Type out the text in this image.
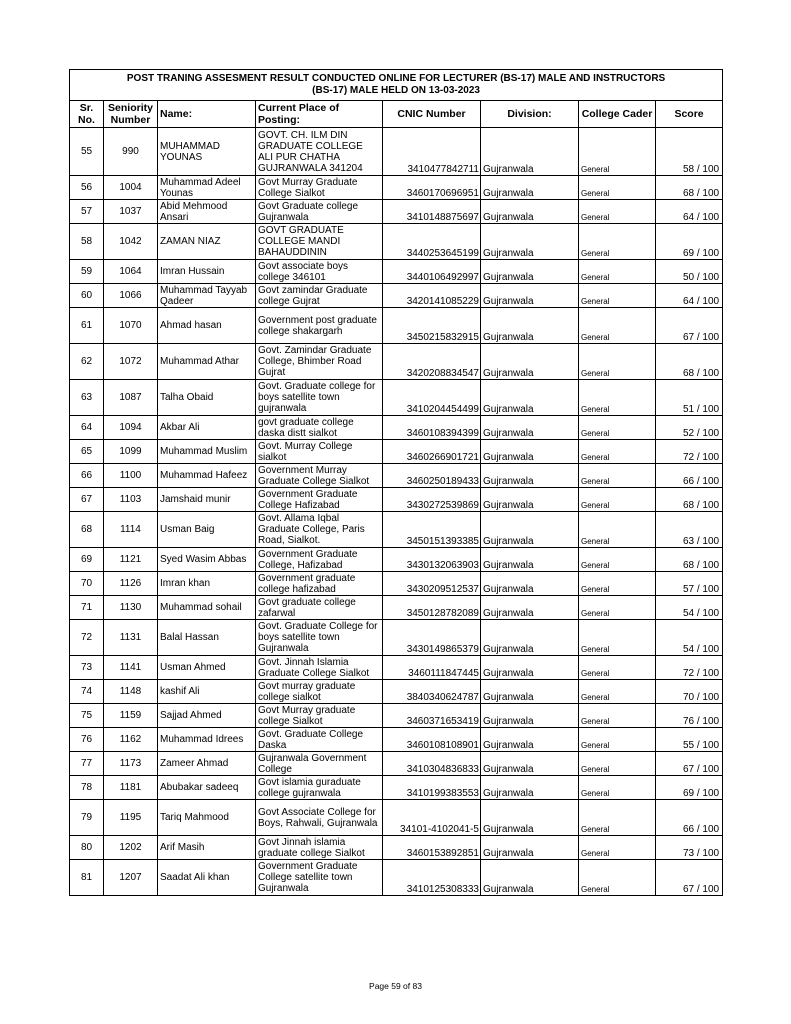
POST TRANING ASSESMENT RESULT CONDUCTED ONLINE FOR LECTURER (BS-17) MALE AND INSTRUCTORS
(BS-17) MALE HELD ON 13-03-2023							

Sr. No.	Seniority Number	Name:	Current Place of Posting:	CNIC Number	Division:	College Cader	Score
55	990	MUHAMMAD YOUNAS	GOVT. CH. ILM DIN GRADUATE COLLEGE ALI PUR CHATHA GUJRANWALA 341204	3410477842711	Gujranwala	General	58 / 100
56	1004	Muhammad Adeel Younas	Govt Murray Graduate College Sialkot	3460170696951	Gujranwala	General	68 / 100
57	1037	Abid Mehmood Ansari	Govt Graduate college Gujranwala	3410148875697	Gujranwala	General	64 / 100
58	1042	ZAMAN NIAZ	GOVT GRADUATE COLLEGE MANDI BAHAUDDININ	3440253645199	Gujranwala	General	69 / 100
59	1064	Imran Hussain	Govt associate boys college 346101	3440106492997	Gujranwala	General	50 / 100
60	1066	Muhammad Tayyab Qadeer	Govt zamindar Graduate college Gujrat	3420141085229	Gujranwala	General	64 / 100
61	1070	Ahmad hasan	Government post graduate college shakargarh	3450215832915	Gujranwala	General	67 / 100
62	1072	Muhammad Athar	Govt. Zamindar Graduate College, Bhimber Road Gujrat	3420208834547	Gujranwala	General	68 / 100
63	1087	Talha Obaid	Govt. Graduate college for boys satellite town gujranwala	3410204454499	Gujranwala	General	51 / 100
64	1094	Akbar Ali	govt graduate college daska distt sialkot	3460108394399	Gujranwala	General	52 / 100
65	1099	Muhammad Muslim	Govt. Murray College sialkot	3460266901721	Gujranwala	General	72 / 100
66	1100	Muhammad Hafeez	Government Murray Graduate College Sialkot	3460250189433	Gujranwala	General	66 / 100
67	1103	Jamshaid munir	Government Graduate College Hafizabad	3430272539869	Gujranwala	General	68 / 100
68	1114	Usman Baig	Govt. Allama Iqbal Graduate College, Paris Road, Sialkot.	3450151393385	Gujranwala	General	63 / 100
69	1121	Syed Wasim Abbas	Government Graduate College, Hafizabad	3430132063903	Gujranwala	General	68 / 100
70	1126	Imran khan	Government graduate college hafizabad	3430209512537	Gujranwala	General	57 / 100
71	1130	Muhammad sohail	Govt graduate college zafarwal	3450128782089	Gujranwala	General	54 / 100
72	1131	Balal Hassan	Govt. Graduate College for boys satellite town Gujranwala	3430149865379	Gujranwala	General	54 / 100
73	1141	Usman Ahmed	Govt. Jinnah Islamia Graduate College Sialkot	3460111847445	Gujranwala	General	72 / 100
74	1148	kashif Ali	Govt murray graduate college sialkot	3840340624787	Gujranwala	General	70 / 100
75	1159	Sajjad Ahmed	Govt Murray graduate college Sialkot	3460371653419	Gujranwala	General	76 / 100
76	1162	Muhammad Idrees	Govt. Graduate College Daska	3460108108901	Gujranwala	General	55 / 100
77	1173	Zameer Ahmad	Gujranwala Government College	3410304836833	Gujranwala	General	67 / 100
78	1181	Abubakar sadeeq	Govt islamia guraduate college gujranwala	3410199383553	Gujranwala	General	69 / 100
79	1195	Tariq Mahmood	Govt Associate College for Boys, Rahwali, Gujranwala	34101-4102041-5	Gujranwala	General	66 / 100
80	1202	Arif Masih	Govt Jinnah islamia graduate college Sialkot	3460153892851	Gujranwala	General	73 / 100
81	1207	Saadat Ali khan	Government Graduate College satellite town Gujranwala	3410125308333	Gujranwala	General	67 / 100
Page 59 of 83
